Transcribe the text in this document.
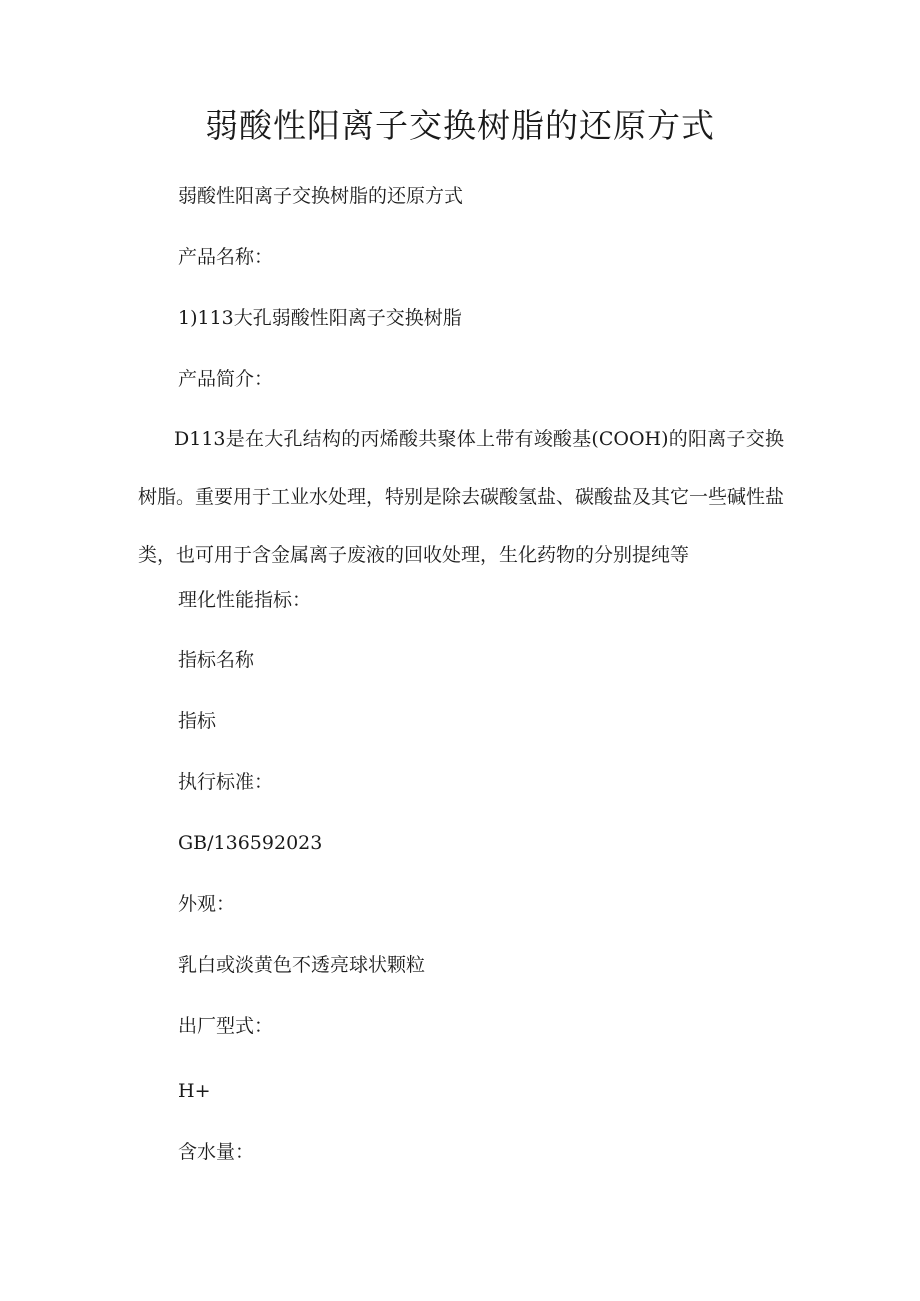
弱酸性阳离子交换树脂的还原方式

弱酸性阳离子交换树脂的还原方式

产品名称：

1)113大孔弱酸性阳离子交换树脂

产品简介：

D113是在大孔结构的丙烯酸共聚体上带有竣酸基(COOH)的阳离子交换树脂。重要用于工业水处理，特别是除去碳酸氢盐、碳酸盐及其它一些碱性盐类，也可用于含金属离子废液的回收处理，生化药物的分别提纯等

理化性能指标：

指标名称

指标

执行标准：

GB/136592023

外观：

乳白或淡黄色不透亮球状颗粒

出厂型式：

H+

含水量：
